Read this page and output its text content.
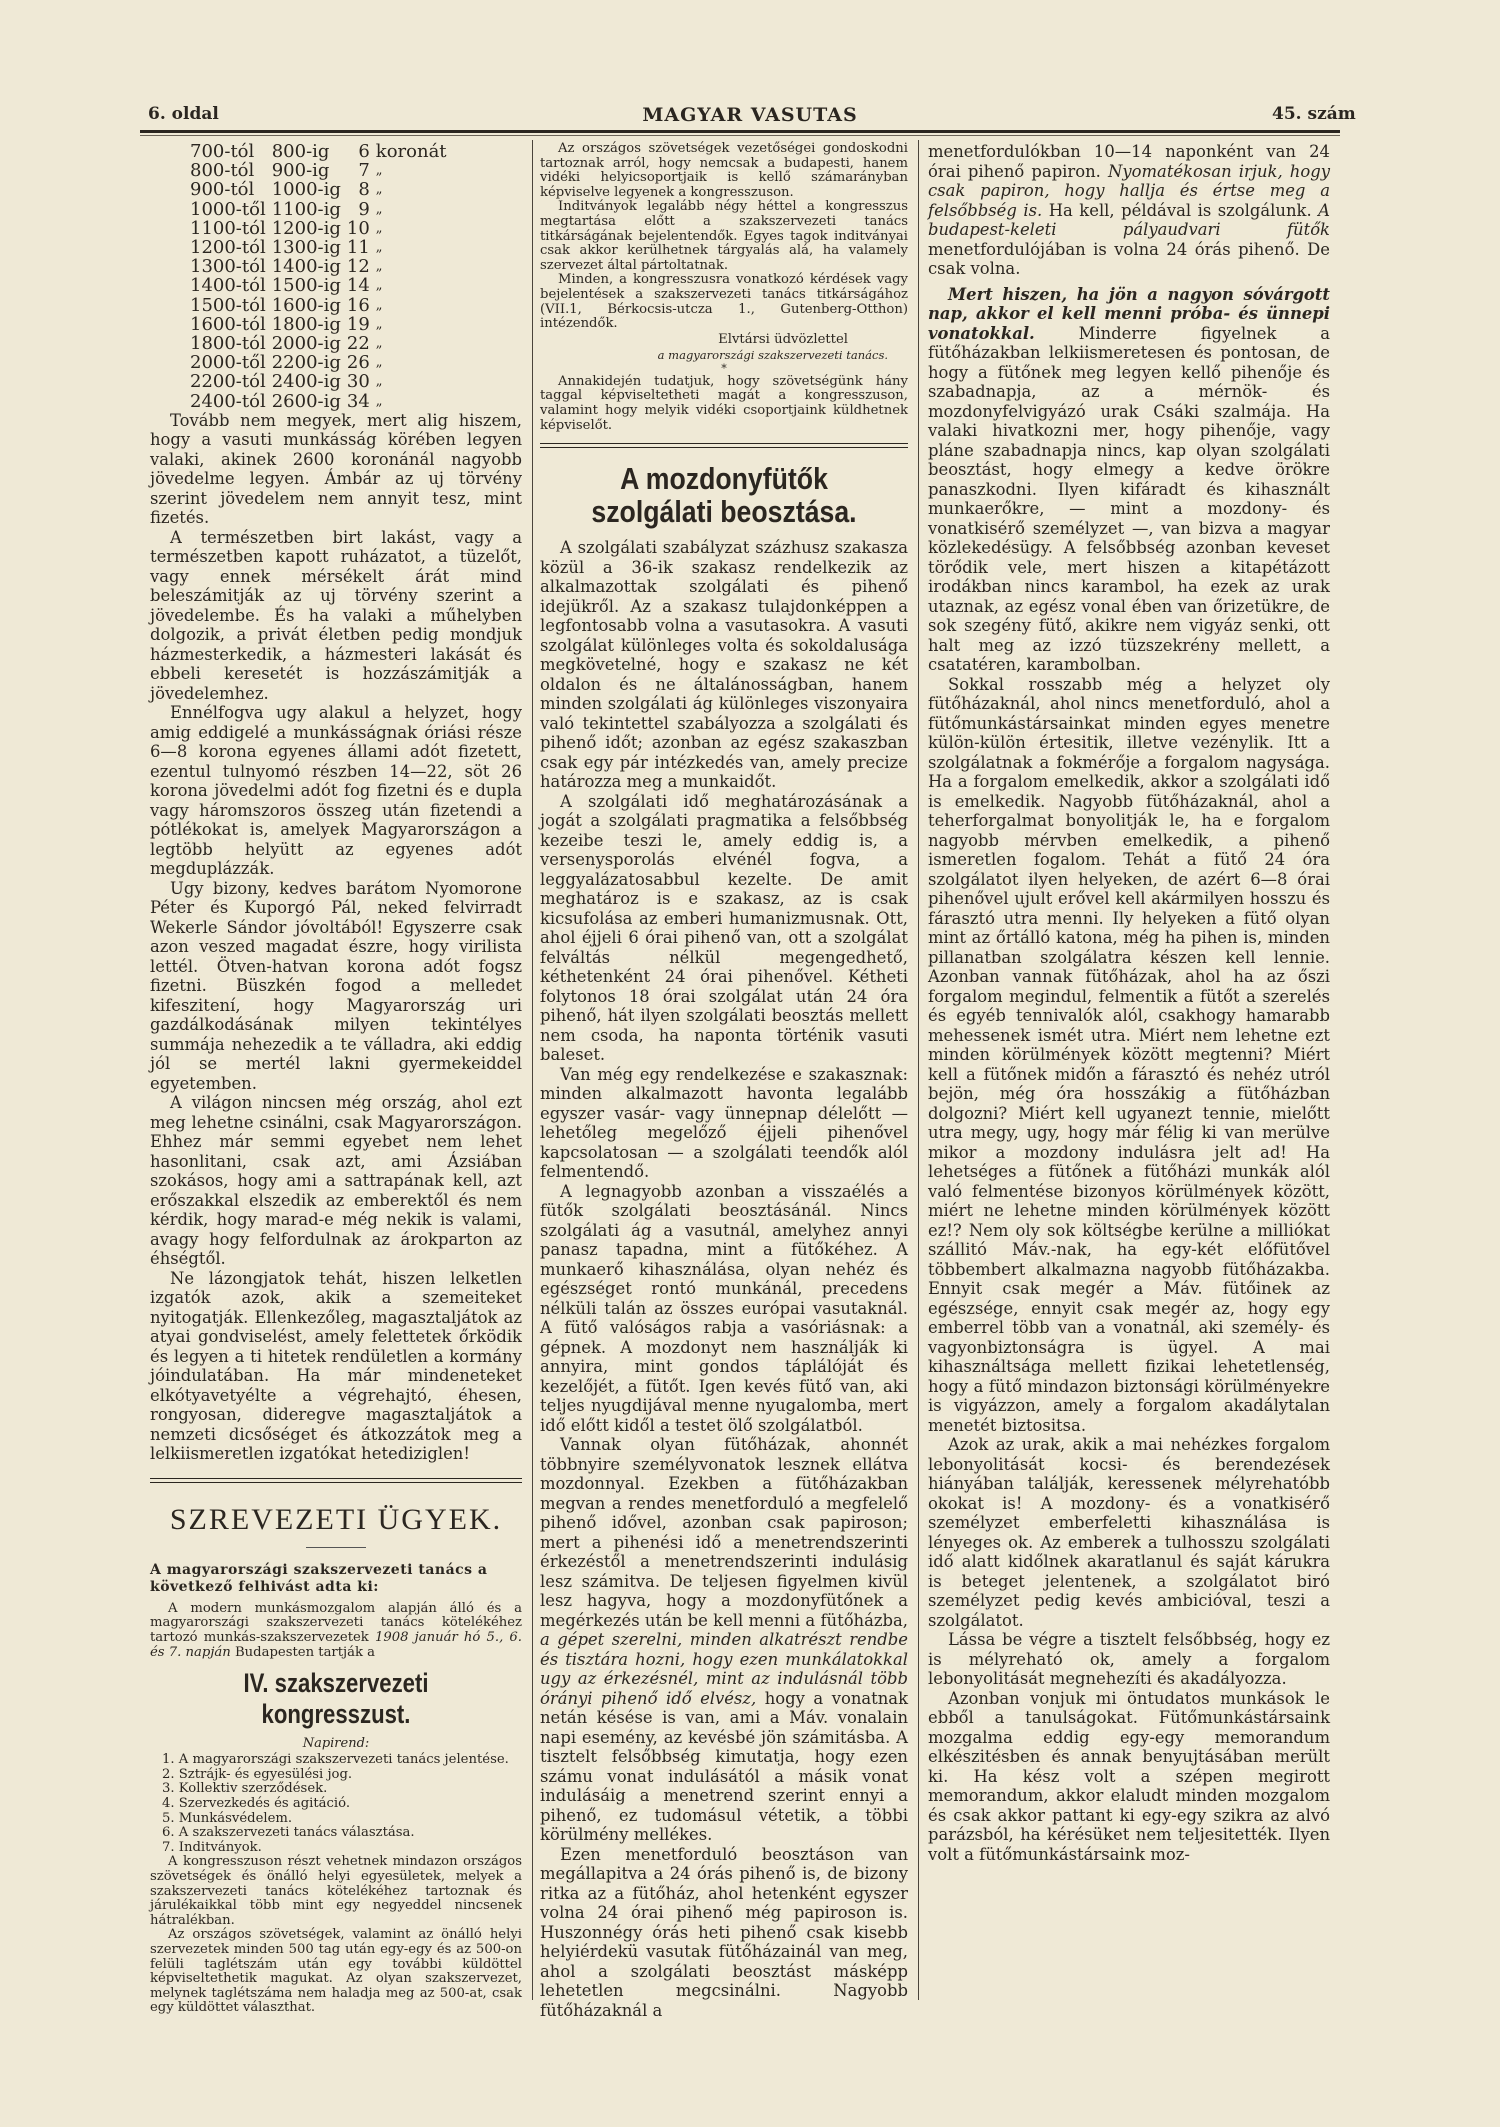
6. oldal	MAGYAR VASUTAS	45. szám
700-tól	800-ig	6	koronát
800-tól	900-ig	7	„
900-tól	1000-ig	8	„
1000-től	1100-ig	9	„
1100-tól	1200-ig	10	„
1200-tól	1300-ig	11	„
1300-tól	1400-ig	12	„
1400-tól	1500-ig	14	„
1500-tól	1600-ig	16	„
1600-tól	1800-ig	19	„
1800-tól	2000-ig	22	„
2000-től	2200-ig	26	„
2200-tól	2400-ig	30	„
2400-tól	2600-ig	34	„

Tovább nem megyek, mert alig hiszem, hogy a vasuti munkásság körében legyen valaki, akinek 2600 koronánál nagyobb jövedelme legyen. Ámbár az uj törvény szerint jövedelem nem annyit tesz, mint fizetés.

A természetben birt lakást, vagy a természetben kapott ruházatot, a tüzelőt, vagy ennek mérsékelt árát mind beleszámitják az uj törvény szerint a jövedelembe. És ha valaki a műhelyben dolgozik, a privát életben pedig mondjuk házmesterkedik, a házmesteri lakását és ebbeli keresetét is hozzászámitják a jövedelemhez.

Ennélfogva ugy alakul a helyzet, hogy amig eddigelé a munkásságnak óriási része 6—8 korona egyenes állami adót fizetett, ezentul tulnyomó részben 14—22, söt 26 korona jövedelmi adót fog fizetni és e dupla vagy háromszoros összeg után fizetendi a pótlékokat is, amelyek Magyarországon a legtöbb helyütt az egyenes adót megduplázzák.

Ugy bizony, kedves barátom Nyomorone Péter és Kuporgó Pál, neked felvirradt Wekerle Sándor jóvoltából! Egyszerre csak azon veszed magadat észre, hogy virilista lettél. Ötven-hatvan korona adót fogsz fizetni. Büszkén fogod a melledet kifeszitení, hogy Magyarország uri gazdálkodásának milyen tekintélyes summája nehezedik a te válladra, aki eddig jól se mertél lakni gyermekeiddel egyetemben.

A világon nincsen még ország, ahol ezt meg lehetne csinálni, csak Magyarországon. Ehhez már semmi egyebet nem lehet hasonlitani, csak azt, ami Ázsiában szokásos, hogy ami a sattrapának kell, azt erőszakkal elszedik az emberektől és nem kérdik, hogy marad-e még nekik is valami, avagy hogy felfordulnak az árokparton az éhségtől.

Ne lázongjatok tehát, hiszen lelketlen izgatók azok, akik a szemeiteket nyitogatják. Ellenkezőleg, magasztaljátok az atyai gondviselést, amely felettetek őrködik és legyen a ti hitetek rendületlen a kormány jóindulatában. Ha már mindeneteket elkótyavetyélte a végrehajtó, éhesen, rongyosan, dideregve magasztaljátok a nemzeti dicsőséget és átkozzátok meg a lelkiismeretlen izgatókat hetediziglen!

SZREVEZETI ÜGYEK.
A magyarországi szakszervezeti tanács a következő felhivást adta ki:

A modern munkásmozgalom alapján álló és a magyarországi szakszervezeti tanács kötelékéhez tartozó munkás-szakszervezetek 1908 január hó 5., 6. és 7. napján Budapesten tartják a

IV. szakszervezeti kongresszust.
Napirend:
1. A magyarországi szakszervezeti tanács jelentése.
2. Sztrájk- és egyesülési jog.
3. Kollektiv szerződések.
4. Szervezkedés és agitáció.
5. Munkásvédelem.
6. A szakszervezeti tanács választása.
7. Inditványok.

A kongresszuson részt vehetnek mindazon országos szövetségek és önálló helyi egyesületek, melyek a szakszervezeti tanács kötelékéhez tartoznak és járulékaikkal több mint egy negyeddel nincsenek hátralékban.

Az országos szövetségek, valamint az önálló helyi szervezetek minden 500 tag után egy-egy és az 500-on felüli taglétszám után egy további küldöttel képviseltethetik magukat. Az olyan szakszervezet, melynek taglétszáma nem haladja meg az 500-at, csak egy küldöttet választhat.

Az országos szövetségek vezetőségei gondoskodni tartoznak arról, hogy nemcsak a budapesti, hanem vidéki helyicsoportjaik is kellő számarányban képviselve legyenek a kongresszuson.

Inditványok legalább négy héttel a kongresszus megtartása előtt a szakszervezeti tanács titkárságának bejelentendők. Egyes tagok inditványai csak akkor kerülhetnek tárgyalás alá, ha valamely szervezet által pártoltatnak.

Minden, a kongresszusra vonatkozó kérdések vagy bejelentések a szakszervezeti tanács titkárságához (VII.1, Bérkocsis-utcza 1., Gutenberg-Otthon) intézendők.

Elvtársi üdvözlettel
a magyarországi szakszervezeti tanács.
*

Annakidején tudatjuk, hogy szövetségünk hány taggal képviseltetheti magát a kongresszuson, valamint hogy melyik vidéki csoportjaink küldhetnek képviselőt.

A mozdonyfütők szolgálati beosztása.

A szolgálati szabályzat százhusz szakasza közül a 36-ik szakasz rendelkezik az alkalmazottak szolgálati és pihenő idejükről. Az a szakasz tulajdonképpen a legfontosabb volna a vasutasokra. A vasuti szolgálat különleges volta és sokoldalusága megkövetelné, hogy e szakasz ne két oldalon és ne általánosságban, hanem minden szolgálati ág különleges viszonyaira való tekintettel szabályozza a szolgálati és pihenő időt; azonban az egész szakaszban csak egy pár intézkedés van, amely precize határozza meg a munkaidőt.

A szolgálati idő meghatározásának a jogát a szolgálati pragmatika a felsőbbség kezeibe teszi le, amely eddig is, a versenysporolás elvénél fogva, a leggyalázatosabbul kezelte. De amit meghatároz is e szakasz, az is csak kicsufolása az emberi humanizmusnak. Ott, ahol éjjeli 6 órai pihenő van, ott a szolgálat felváltás nélkül megengedhető, kéthetenként 24 órai pihenővel. Kétheti folytonos 18 órai szolgálat után 24 óra pihenő, hát ilyen szolgálati beosztás mellett nem csoda, ha naponta történik vasuti baleset.

Van még egy rendelkezése e szakasznak: minden alkalmazott havonta legalább egyszer vasár- vagy ünnepnap délelőtt — lehetőleg megelőző éjjeli pihenővel kapcsolatosan — a szolgálati teendők alól felmentendő.

A legnagyobb azonban a visszaélés a fütők szolgálati beosztásánál. Nincs szolgálati ág a vasutnál, amelyhez annyi panasz tapadna, mint a fütőkéhez. A munkaerő kihasználása, olyan nehéz és egészséget rontó munkánál, precedens nélküli talán az összes európai vasutaknál. A fütő valóságos rabja a vasóriásnak: a gépnek. A mozdonyt nem használják ki annyira, mint gondos táplálóját és kezelőjét, a fütőt. Igen kevés fütő van, aki teljes nyugdijával menne nyugalomba, mert idő előtt kidől a testet ölő szolgálatból.

Vannak olyan fütőházak, ahonnét többnyire személyvonatok lesznek ellátva mozdonnyal. Ezekben a fütőházakban megvan a rendes menetforduló a megfelelő pihenő idővel, azonban csak papiroson; mert a pihenési idő a menetrendszerinti érkezéstől a menetrendszerinti indulásig lesz számitva. De teljesen figyelmen kivül lesz hagyva, hogy a mozdonyfütőnek a megérkezés után be kell menni a fütőházba, a gépet szerelni, minden alkatrészt rendbe és tisztára hozni, hogy ezen munkálatokkal ugy az érkezésnél, mint az indulásnál több órányi pihenő idő elvész, hogy a vonatnak netán késése is van, ami a Máv. vonalain napi esemény, az kevésbé jön számitásba. A tisztelt felsőbbség kimutatja, hogy ezen számu vonat indulásától a másik vonat indulásáig a menetrend szerint ennyi a pihenő, ez tudomásul vétetik, a többi körülmény mellékes.

Ezen menetforduló beosztáson van megállapitva a 24 órás pihenő is, de bizony ritka az a fütőház, ahol hetenként egyszer volna 24 órai pihenő még papiroson is. Huszonnégy órás heti pihenő csak kisebb helyiérdekü vasutak fütőházainál van meg, ahol a szolgálati beosztást másképp lehetetlen megcsinálni. Nagyobb fütőházaknál a

menetfordulókban 10—14 naponként van 24 órai pihenő papiron. Nyomatékosan irjuk, hogy csak papiron, hogy hallja és értse meg a felsőbbség is. Ha kell, példával is szolgálunk. A budapest-keleti pályaudvari fütők menetfordulójában is volna 24 órás pihenő. De csak volna.

Mert hiszen, ha jön a nagyon sóvárgott nap, akkor el kell menni próba- és ünnepi vonatokkal. Minderre figyelnek a fütőházakban lelkiismeretesen és pontosan, de hogy a fütőnek meg legyen kellő pihenője és szabadnapja, az a mérnök- és mozdonyfelvigyázó urak Csáki szalmája. Ha valaki hivatkozni mer, hogy pihenője, vagy pláne szabadnapja nincs, kap olyan szolgálati beosztást, hogy elmegy a kedve örökre panaszkodni. Ilyen kifáradt és kihasznált munkaerőkre, — mint a mozdony- és vonatkisérő személyzet —, van bizva a magyar közlekedésügy. A felsőbbség azonban keveset törődik vele, mert hiszen a kitapétázott irodákban nincs karambol, ha ezek az urak utaznak, az egész vonal ében van őrizetükre, de sok szegény fütő, akikre nem vigyáz senki, ott halt meg az izzó tüzszekrény mellett, a csatatéren, karambolban.

Sokkal rosszabb még a helyzet oly fütőházaknál, ahol nincs menetforduló, ahol a fütőmunkástársainkat minden egyes menetre külön-külön értesitik, illetve vezénylik. Itt a szolgálatnak a fokmérője a forgalom nagysága. Ha a forgalom emelkedik, akkor a szolgálati idő is emelkedik. Nagyobb fütőházaknál, ahol a teherforgalmat bonyolitják le, ha e forgalom nagyobb mérvben emelkedik, a pihenő ismeretlen fogalom. Tehát a fütő 24 óra szolgálatot ilyen helyeken, de azért 6—8 órai pihenővel ujult erővel kell akármilyen hosszu és fárasztó utra menni. Ily helyeken a fütő olyan mint az őrtálló katona, még ha pihen is, minden pillanatban szolgálatra készen kell lennie. Azonban vannak fütőházak, ahol ha az őszi forgalom megindul, felmentik a fütőt a szerelés és egyéb tennivalók alól, csakhogy hamarabb mehessenek ismét utra. Miért nem lehetne ezt minden körülmények között megtenni? Miért kell a fütőnek midőn a fárasztó és nehéz utról bejön, még óra hosszákig a fütőházban dolgozni? Miért kell ugyanezt tennie, mielőtt utra megy, ugy, hogy már félig ki van merülve mikor a mozdony indulásra jelt ad! Ha lehetséges a fütőnek a fütőházi munkák alól való felmentése bizonyos körülmények között, miért ne lehetne minden körülmények között ez!? Nem oly sok költségbe kerülne a milliókat szállitó Máv.-nak, ha egy-két előfütővel többembert alkalmazna nagyobb fütőházakba. Ennyit csak megér a Máv. fütőinek az egészsége, ennyit csak megér az, hogy egy emberrel több van a vonatnál, aki személy- és vagyonbiztonságra is ügyel. A mai kihasználtsága mellett fizikai lehetetlenség, hogy a fütő mindazon biztonsági körülményekre is vigyázzon, amely a forgalom akadálytalan menetét biztositsa.

Azok az urak, akik a mai nehézkes forgalom lebonyolitását kocsi- és berendezések hiányában találják, keressenek mélyrehatóbb okokat is! A mozdony- és a vonatkisérő személyzet emberfeletti kihasználása is lényeges ok. Az emberek a tulhosszu szolgálati idő alatt kidőlnek akaratlanul és saját kárukra is beteget jelentenek, a szolgálatot biró személyzet pedig kevés ambicióval, teszi a szolgálatot.

Lássa be végre a tisztelt felsőbbség, hogy ez is mélyreható ok, amely a forgalom lebonyolitását megnehezíti és akadályozza.

Azonban vonjuk mi öntudatos munkások le ebből a tanulságokat. Fütőmunkástársaink mozgalma eddig egy-egy memorandum elkészitésben és annak benyujtásában merült ki. Ha kész volt a szépen megirott memorandum, akkor elaludt minden mozgalom és csak akkor pattant ki egy-egy szikra az alvó parázsból, ha kérésüket nem teljesitették. Ilyen volt a fütőmunkástársaink moz-
